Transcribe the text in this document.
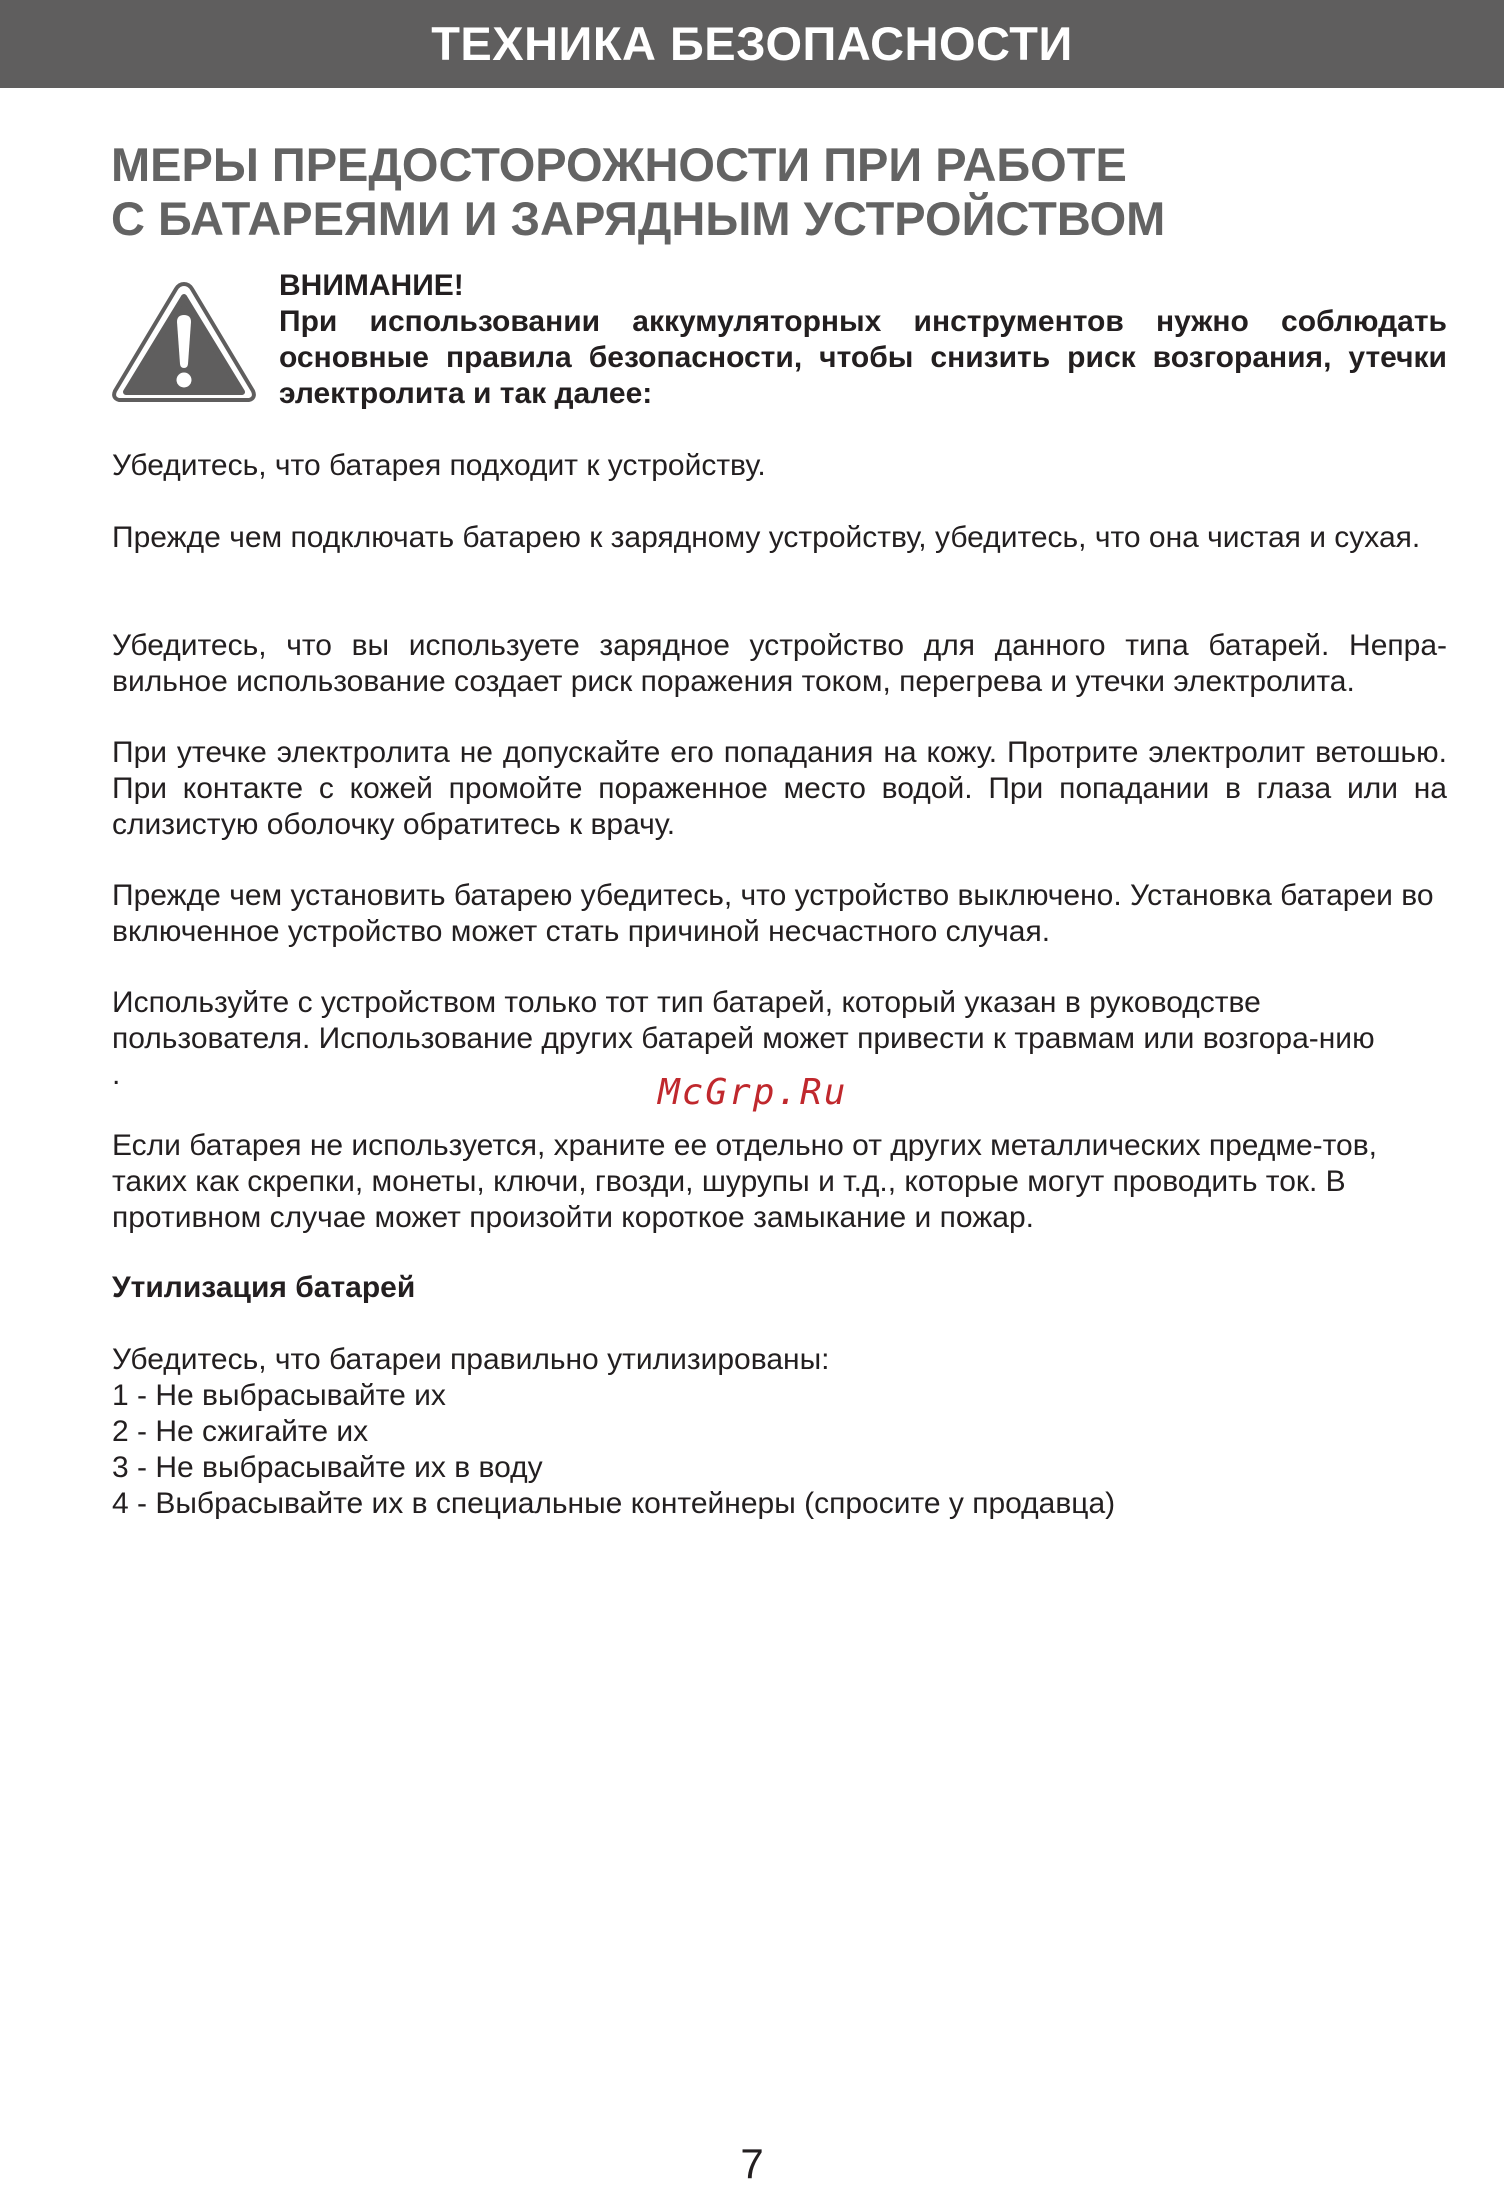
ТЕХНИКА БЕЗОПАСНОСТИ
МЕРЫ ПРЕДОСТОРОЖНОСТИ ПРИ РАБОТЕ
С БАТАРЕЯМИ И ЗАРЯДНЫМ УСТРОЙСТВОМ
ВНИМАНИЕ!
При использовании аккумуляторных инструментов нужно соблюдать основные правила безопасности, чтобы снизить риск возгорания, утечки электролита и так далее:

Убедитесь, что батарея подходит к устройству.

Прежде чем подключать батарею к зарядному устройству, убедитесь, что она чистая и сухая.

Убедитесь, что вы используете зарядное устройство для данного типа батарей. Непра-вильное использование создает риск поражения током, перегрева и утечки электролита.

При утечке электролита не допускайте его попадания на кожу. Протрите электролит ветошью. При контакте с кожей промойте пораженное место водой. При попадании в глаза или на слизистую оболочку обратитесь к врачу.

Прежде чем установить батарею убедитесь, что устройство выключено. Установка батареи во включенное устройство может стать причиной несчастного случая.

Используйте с устройством только тот тип батарей, который указан в руководстве пользователя. Использование других батарей может привести к травмам или возгора-нию
.

Если батарея не используется, храните ее отдельно от других металлических предме-тов, таких как скрепки, монеты, ключи, гвозди, шурупы и т.д., которые могут проводить ток. В противном случае может произойти короткое замыкание и пожар.

Утилизация батарей

Убедитесь, что батареи правильно утилизированы:

1 - Не выбрасывайте их
2 - Не сжигайте их
3 - Не выбрасывайте их в воду
4 - Выбрасывайте их в специальные контейнеры (спросите у продавца)
McGrp.Ru
7
